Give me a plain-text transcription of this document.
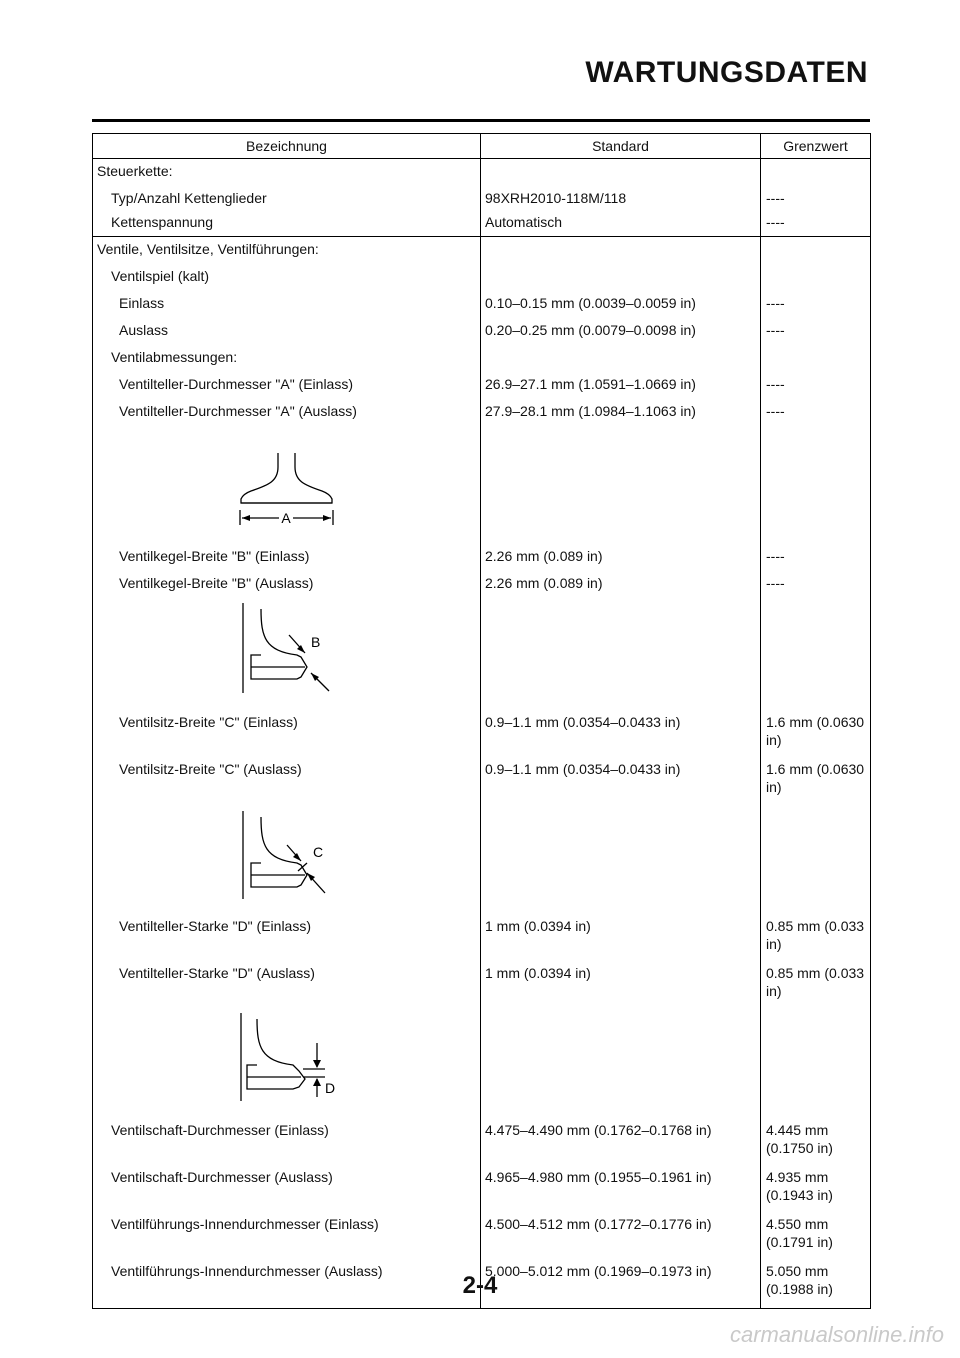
WARTUNGSDATEN
Bezeichnung	Standard	Grenzwert
Steuerkette:		
Typ/Anzahl Kettenglieder	98XRH2010-118M/118	----
Kettenspannung	Automatisch	----
Ventile, Ventilsitze, Ventilführungen:		
Ventilspiel (kalt)		
Einlass	0.10–0.15 mm (0.0039–0.0059 in)	----
Auslass	0.20–0.25 mm (0.0079–0.0098 in)	----
Ventilabmessungen:		
Ventilteller-Durchmesser "A" (Einlass)	26.9–27.1 mm (1.0591–1.0669 in)	----
Ventilteller-Durchmesser "A" (Auslass)	27.9–28.1 mm (1.0984–1.1063 in)	----

A		

Ventilkegel-Breite "B" (Einlass)	2.26 mm (0.089 in)	----
Ventilkegel-Breite "B" (Auslass)	2.26 mm (0.089 in)	----

B		

Ventilsitz-Breite "C" (Einlass)	0.9–1.1 mm (0.0354–0.0433 in)	1.6 mm (0.0630 in)
Ventilsitz-Breite "C" (Auslass)	0.9–1.1 mm (0.0354–0.0433 in)	1.6 mm (0.0630 in)

C		

Ventilteller-Starke "D" (Einlass)	1 mm (0.0394 in)	0.85 mm (0.033 in)
Ventilteller-Starke "D" (Auslass)	1 mm (0.0394 in)	0.85 mm (0.033 in)

D		

Ventilschaft-Durchmesser (Einlass)	4.475–4.490 mm (0.1762–0.1768 in)	4.445 mm (0.1750 in)
Ventilschaft-Durchmesser (Auslass)	4.965–4.980 mm (0.1955–0.1961 in)	4.935 mm (0.1943 in)
Ventilführungs-Innendurchmesser (Einlass)	4.500–4.512 mm (0.1772–0.1776 in)	4.550 mm (0.1791 in)
Ventilführungs-Innendurchmesser (Auslass)	5.000–5.012 mm (0.1969–0.1973 in)	5.050 mm (0.1988 in)
2-4
carmanualsonline.info
